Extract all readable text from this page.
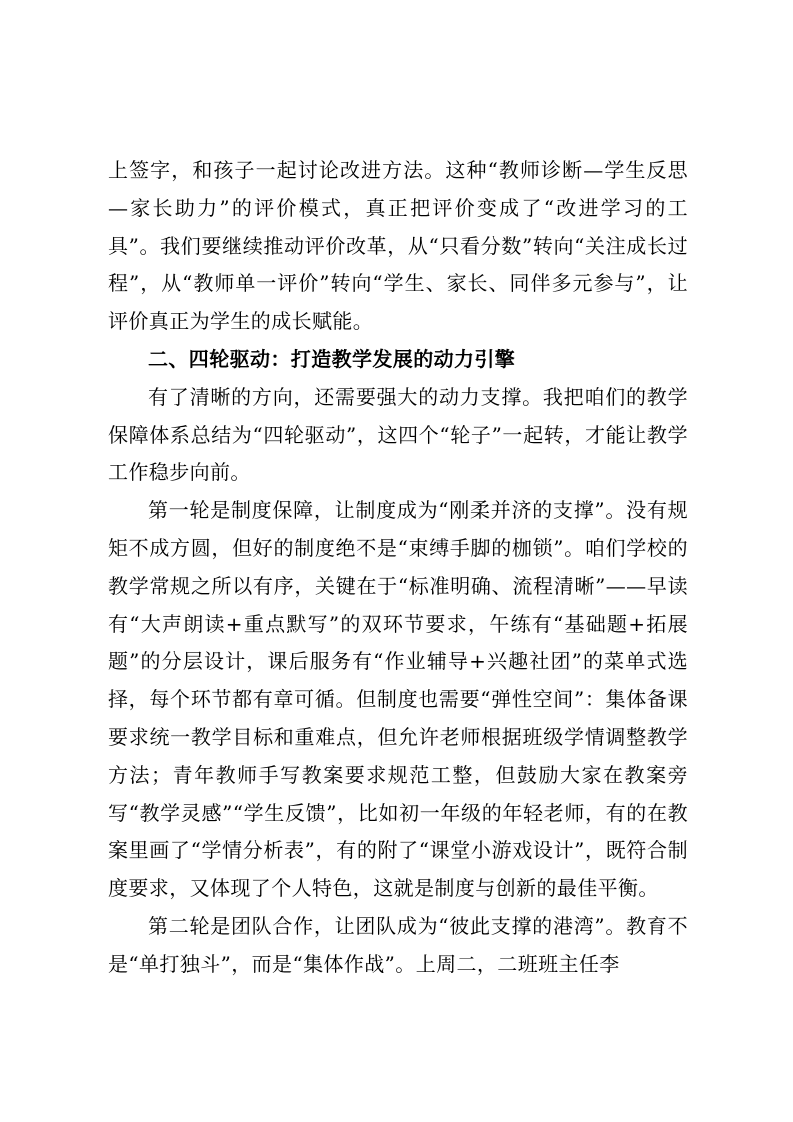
上签字，和孩子一起讨论改进方法。这种“教师诊断—学生反思—家长助力”的评价模式，真正把评价变成了“改进学习的工具”。我们要继续推动评价改革，从“只看分数”转向“关注成长过程”，从“教师单一评价”转向“学生、家长、同伴多元参与”，让评价真正为学生的成长赋能。

二、四轮驱动：打造教学发展的动力引擎

有了清晰的方向，还需要强大的动力支撑。我把咱们的教学保障体系总结为“四轮驱动”，这四个“轮子”一起转，才能让教学工作稳步向前。

第一轮是制度保障，让制度成为“刚柔并济的支撑”。没有规矩不成方圆，但好的制度绝不是“束缚手脚的枷锁”。咱们学校的教学常规之所以有序，关键在于“标准明确、流程清晰”——早读有“大声朗读+重点默写”的双环节要求，午练有“基础题+拓展题”的分层设计，课后服务有“作业辅导+兴趣社团”的菜单式选择，每个环节都有章可循。但制度也需要“弹性空间”：集体备课要求统一教学目标和重难点，但允许老师根据班级学情调整教学方法；青年教师手写教案要求规范工整，但鼓励大家在教案旁写“教学灵感”“学生反馈”，比如初一年级的年轻老师，有的在教案里画了“学情分析表”，有的附了“课堂小游戏设计”，既符合制度要求，又体现了个人特色，这就是制度与创新的最佳平衡。

第二轮是团队合作，让团队成为“彼此支撑的港湾”。教育不是“单打独斗”，而是“集体作战”。上周二，二班班主任李
